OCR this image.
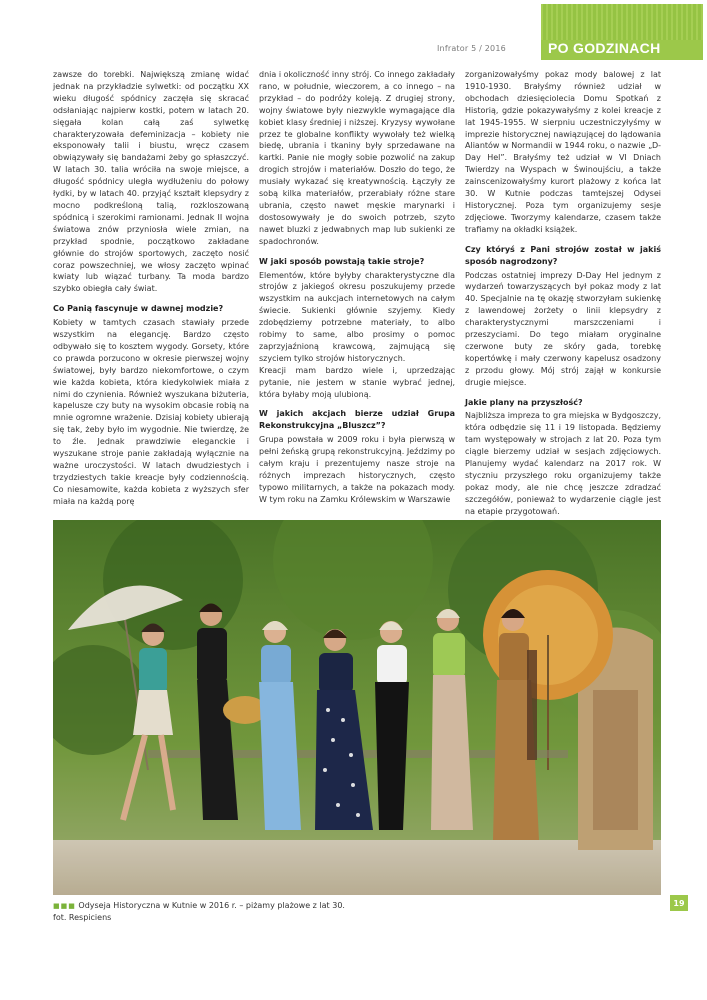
Infrator 5 / 2016	PO GODZINACH

zawsze do torebki. Największą zmianę widać jednak na przykładzie sylwetki: od początku XX wieku długość spódnicy zaczęła się skracać odsłaniając najpierw kostki, potem w latach 20. sięgała kolan całą zaś sylwetkę charakteryzowała defeminizacja – kobiety nie eksponowały talii i biustu, wręcz czasem obwiązywały się bandażami żeby go spłaszczyć. W latach 30. talia wróciła na swoje miejsce, a długość spódnicy uległa wydłużeniu do połowy łydki, by w latach 40. przyjąć kształt klepsydry z mocno podkreśloną talią, rozkloszowaną spódnicą i szerokimi ramionami. Jednak II wojna światowa znów przyniosła wiele zmian, na przykład spodnie, początkowo zakładane głównie do strojów sportowych, zaczęto nosić coraz powszechniej, we włosy zaczęto wpinać kwiaty lub wiązać turbany. Ta moda bardzo szybko obiegła cały świat.

Co Panią fascynuje w dawnej modzie?

Kobiety w tamtych czasach stawiały przede wszystkim na elegancję. Bardzo często odbywało się to kosztem wygody. Gorsety, które co prawda porzucono w okresie pierwszej wojny światowej, były bardzo niekomfortowe, o czym wie każda kobieta, która kiedykolwiek miała z nimi do czynienia. Również wyszukana biżuteria, kapelusze czy buty na wysokim obcasie robią na mnie ogromne wrażenie. Dzisiaj kobiety ubierają się tak, żeby było im wygodnie. Nie twierdzę, że to źle. Jednak prawdziwie eleganckie i wyszukane stroje panie zakładają wyłącznie na ważne uroczystości. W latach dwudziestych i trzydziestych takie kreacje były codziennością. Co niesamowite, każda kobieta z wyższych sfer miała na każdą porę

dnia i okoliczność inny strój. Co innego zakładały rano, w południe, wieczorem, a co innego – na przykład – do podróży koleją. Z drugiej strony, wojny światowe były niezwykle wymagające dla kobiet klasy średniej i niższej. Kryzysy wywołane przez te globalne konflikty wywołały też wielką biedę, ubrania i tkaniny były sprzedawane na kartki. Panie nie mogły sobie pozwolić na zakup drogich strojów i materiałów. Doszło do tego, że musiały wykazać się kreatywnością. Łączyły ze sobą kilka materiałów, przerabiały różne stare ubrania, często nawet męskie marynarki i dostosowywały je do swoich potrzeb, szyto nawet bluzki z jedwabnych map lub sukienki ze spadochronów.

W jaki sposób powstają takie stroje?

Elementów, które byłyby charakterystyczne dla strojów z jakiegoś okresu poszukujemy przede wszystkim na aukcjach internetowych na całym świecie. Sukienki głównie szyjemy. Kiedy zdobędziemy potrzebne materiały, to albo robimy to same, albo prosimy o pomoc zaprzyjaźnioną krawcową, zajmującą się szyciem tylko strojów historycznych.

Kreacji mam bardzo wiele i, uprzedzając pytanie, nie jestem w stanie wybrać jednej, która byłaby moją ulubioną.

W jakich akcjach bierze udział Grupa Rekonstrukcyjna „Bluszcz”?

Grupa powstała w 2009 roku i była pierwszą w pełni żeńską grupą rekonstrukcyjną. Jeździmy po całym kraju i prezentujemy nasze stroje na różnych imprezach historycznych, często typowo militarnych, a także na pokazach mody. W tym roku na Zamku Królewskim w Warszawie

zorganizowałyśmy pokaz mody balowej z lat 1910-1930. Brałyśmy również udział w obchodach dziesięciolecia Domu Spotkań z Historią, gdzie pokazywałyśmy z kolei kreacje z lat 1945-1955. W sierpniu uczestniczyłyśmy w imprezie historycznej nawiązującej do lądowania Aliantów w Normandii w 1944 roku, o nazwie „D-Day Hel”. Brałyśmy też udział w VI Dniach Twierdzy na Wyspach w Świnoujściu, a także zainscenizowałyśmy kurort plażowy z końca lat 30. W Kutnie podczas tamtejszej Odysei Historycznej. Poza tym organizujemy sesje zdjęciowe. Tworzymy kalendarze, czasem także trafiamy na okładki książek.

Czy któryś z Pani strojów został w jakiś sposób nagrodzony?

Podczas ostatniej imprezy D-Day Hel jednym z wydarzeń towarzyszących był pokaz mody z lat 40. Specjalnie na tę okazję stworzyłam sukienkę z lawendowej żorżety o linii klepsydry z charakterystycznymi marszczeniami i przeszyciami. Do tego miałam oryginalne czerwone buty ze skóry gada, torebkę kopertówkę i mały czerwony kapelusz osadzony z przodu głowy. Mój strój zajął w konkursie drugie miejsce.

Jakie plany na przyszłość?

Najbliższa impreza to gra miejska w Bydgoszczy, która odbędzie się 11 i 19 listopada. Będziemy tam występowały w strojach z lat 20. Poza tym ciągle bierzemy udział w sesjach zdjęciowych. Planujemy wydać kalendarz na 2017 rok. W styczniu przyszłego roku organizujemy także pokaz mody, ale nie chcę jeszcze zdradzać szczegółów, ponieważ to wydarzenie ciągle jest na etapie przygotowań.

■■■ Odyseja Historyczna w Kutnie w 2016 r. – piżamy plażowe z lat 30.
fot. Respiciens
19
